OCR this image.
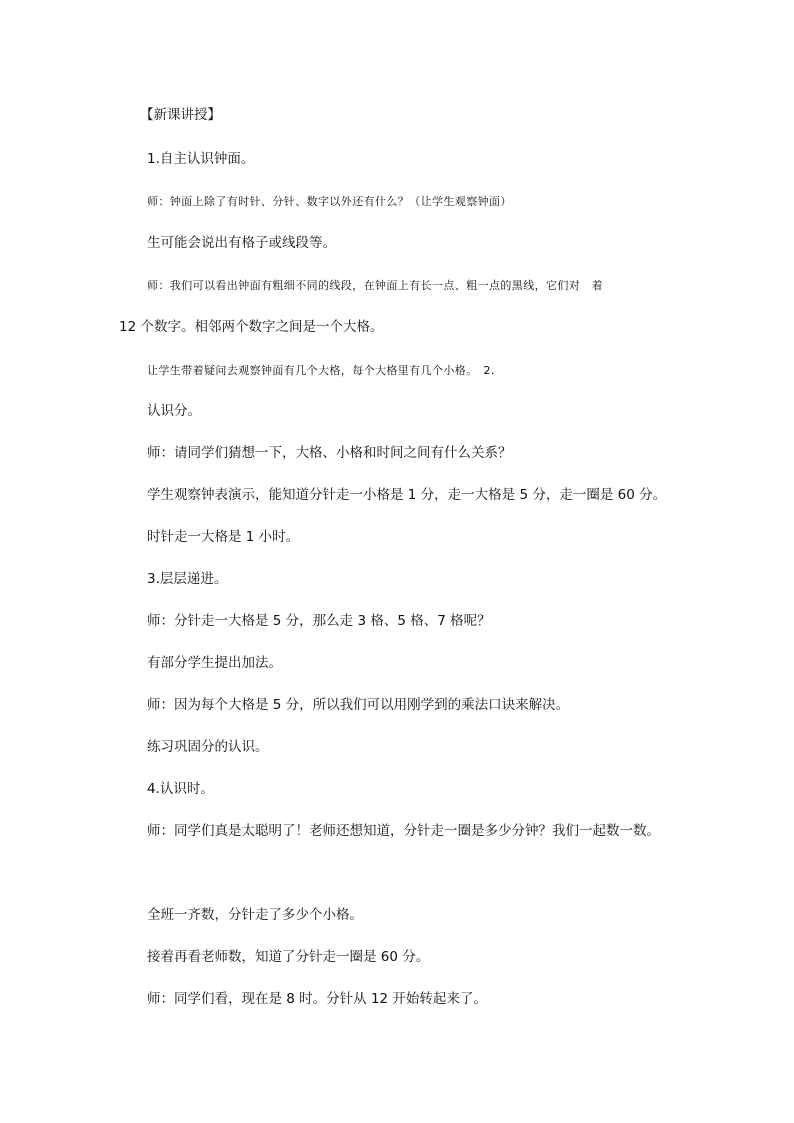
【新课讲授】
1.自主认识钟面。
师：钟面上除了有时针、分针、数字以外还有什么？（让学生观察钟面）
生可能会说出有格子或线段等。
师：我们可以看出钟面有粗细不同的线段，在钟面上有长一点、粗一点的黑线，它们对　着
12 个数字。相邻两个数字之间是一个大格。
让学生带着疑问去观察钟面有几个大格，每个大格里有几个小格。　2.
认识分。
师：请同学们猜想一下，大格、小格和时间之间有什么关系？
学生观察钟表演示，能知道分针走一小格是 1 分，走一大格是 5 分，走一圈是 60 分。
时针走一大格是 1 小时。
3.层层递进。
师：分针走一大格是 5 分，那么走 3 格、5 格、7 格呢？
有部分学生提出加法。
师：因为每个大格是 5 分，所以我们可以用刚学到的乘法口诀来解决。
练习巩固分的认识。
4.认识时。
师：同学们真是太聪明了！老师还想知道，分针走一圈是多少分钟？我们一起数一数。
全班一齐数，分针走了多少个小格。
接着再看老师数，知道了分针走一圈是 60 分。
师：同学们看，现在是 8 时。分针从 12 开始转起来了。
